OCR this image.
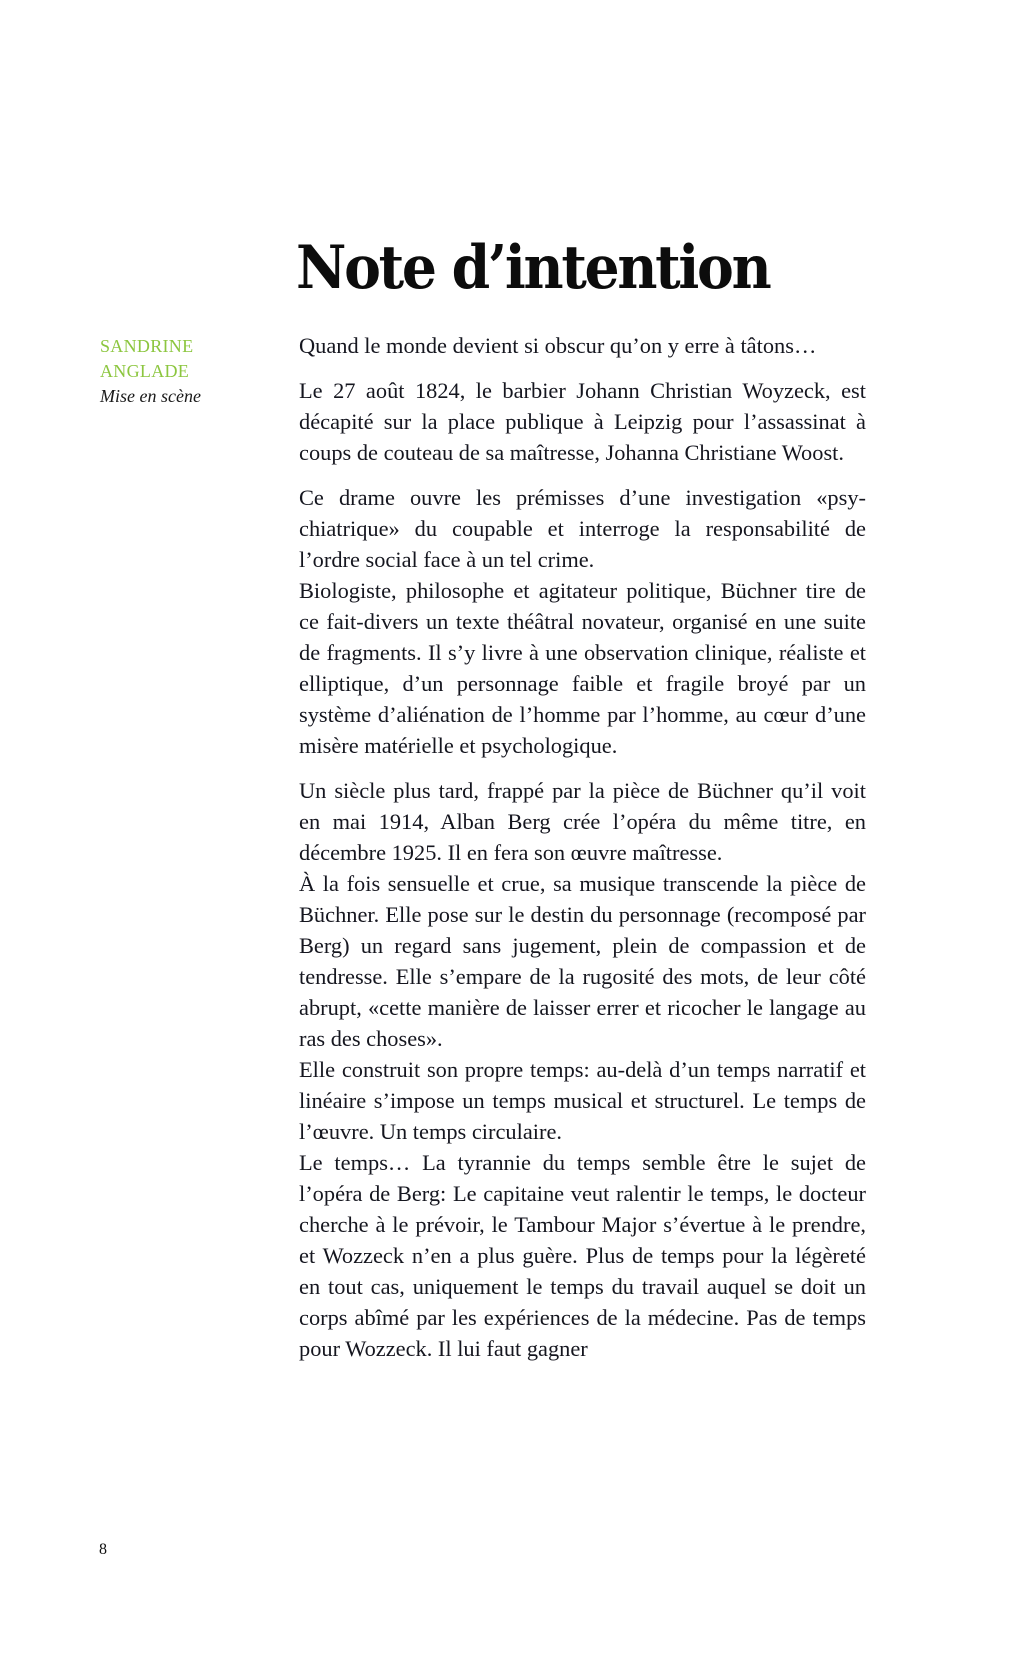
Note d’intention
SANDRINE
ANGLADE
Mise en scène

Quand le monde devient si obscur qu’on y erre à tâtons…

Le 27 août 1824, le barbier Johann Christian Woyzeck, est décapité sur la place publique à Leipzig pour l’assassinat à coups de couteau de sa maîtresse, Johanna Christiane Woost.

Ce drame ouvre les prémisses d’une investigation «psychiatrique» du coupable et interroge la responsabilité de l’ordre social face à un tel crime.

Biologiste, philosophe et agitateur politique, Büchner tire de ce fait-divers un texte théâtral novateur, organisé en une suite de fragments. Il s’y livre à une observation clinique, réaliste et elliptique, d’un personnage faible et fragile broyé par un système d’aliénation de l’homme par l’homme, au cœur d’une misère matérielle et psychologique.

Un siècle plus tard, frappé par la pièce de Büchner qu’il voit en mai 1914, Alban Berg crée l’opéra du même titre, en décembre 1925. Il en fera son œuvre maîtresse.

À la fois sensuelle et crue, sa musique transcende la pièce de Büchner. Elle pose sur le destin du personnage (recomposé par Berg) un regard sans jugement, plein de compassion et de tendresse. Elle s’empare de la rugosité des mots, de leur côté abrupt, «cette manière de laisser errer et ricocher le langage au ras des choses».

Elle construit son propre temps: au-delà d’un temps narratif et linéaire s’impose un temps musical et structurel. Le temps de l’œuvre. Un temps circulaire.

Le temps… La tyrannie du temps semble être le sujet de l’opéra de Berg: Le capitaine veut ralentir le temps, le docteur cherche à le prévoir, le Tambour Major s’évertue à le prendre, et Wozzeck n’en a plus guère. Plus de temps pour la légèreté en tout cas, uniquement le temps du travail auquel se doit un corps abîmé par les expériences de la médecine. Pas de temps pour Wozzeck. Il lui faut gagner

8
